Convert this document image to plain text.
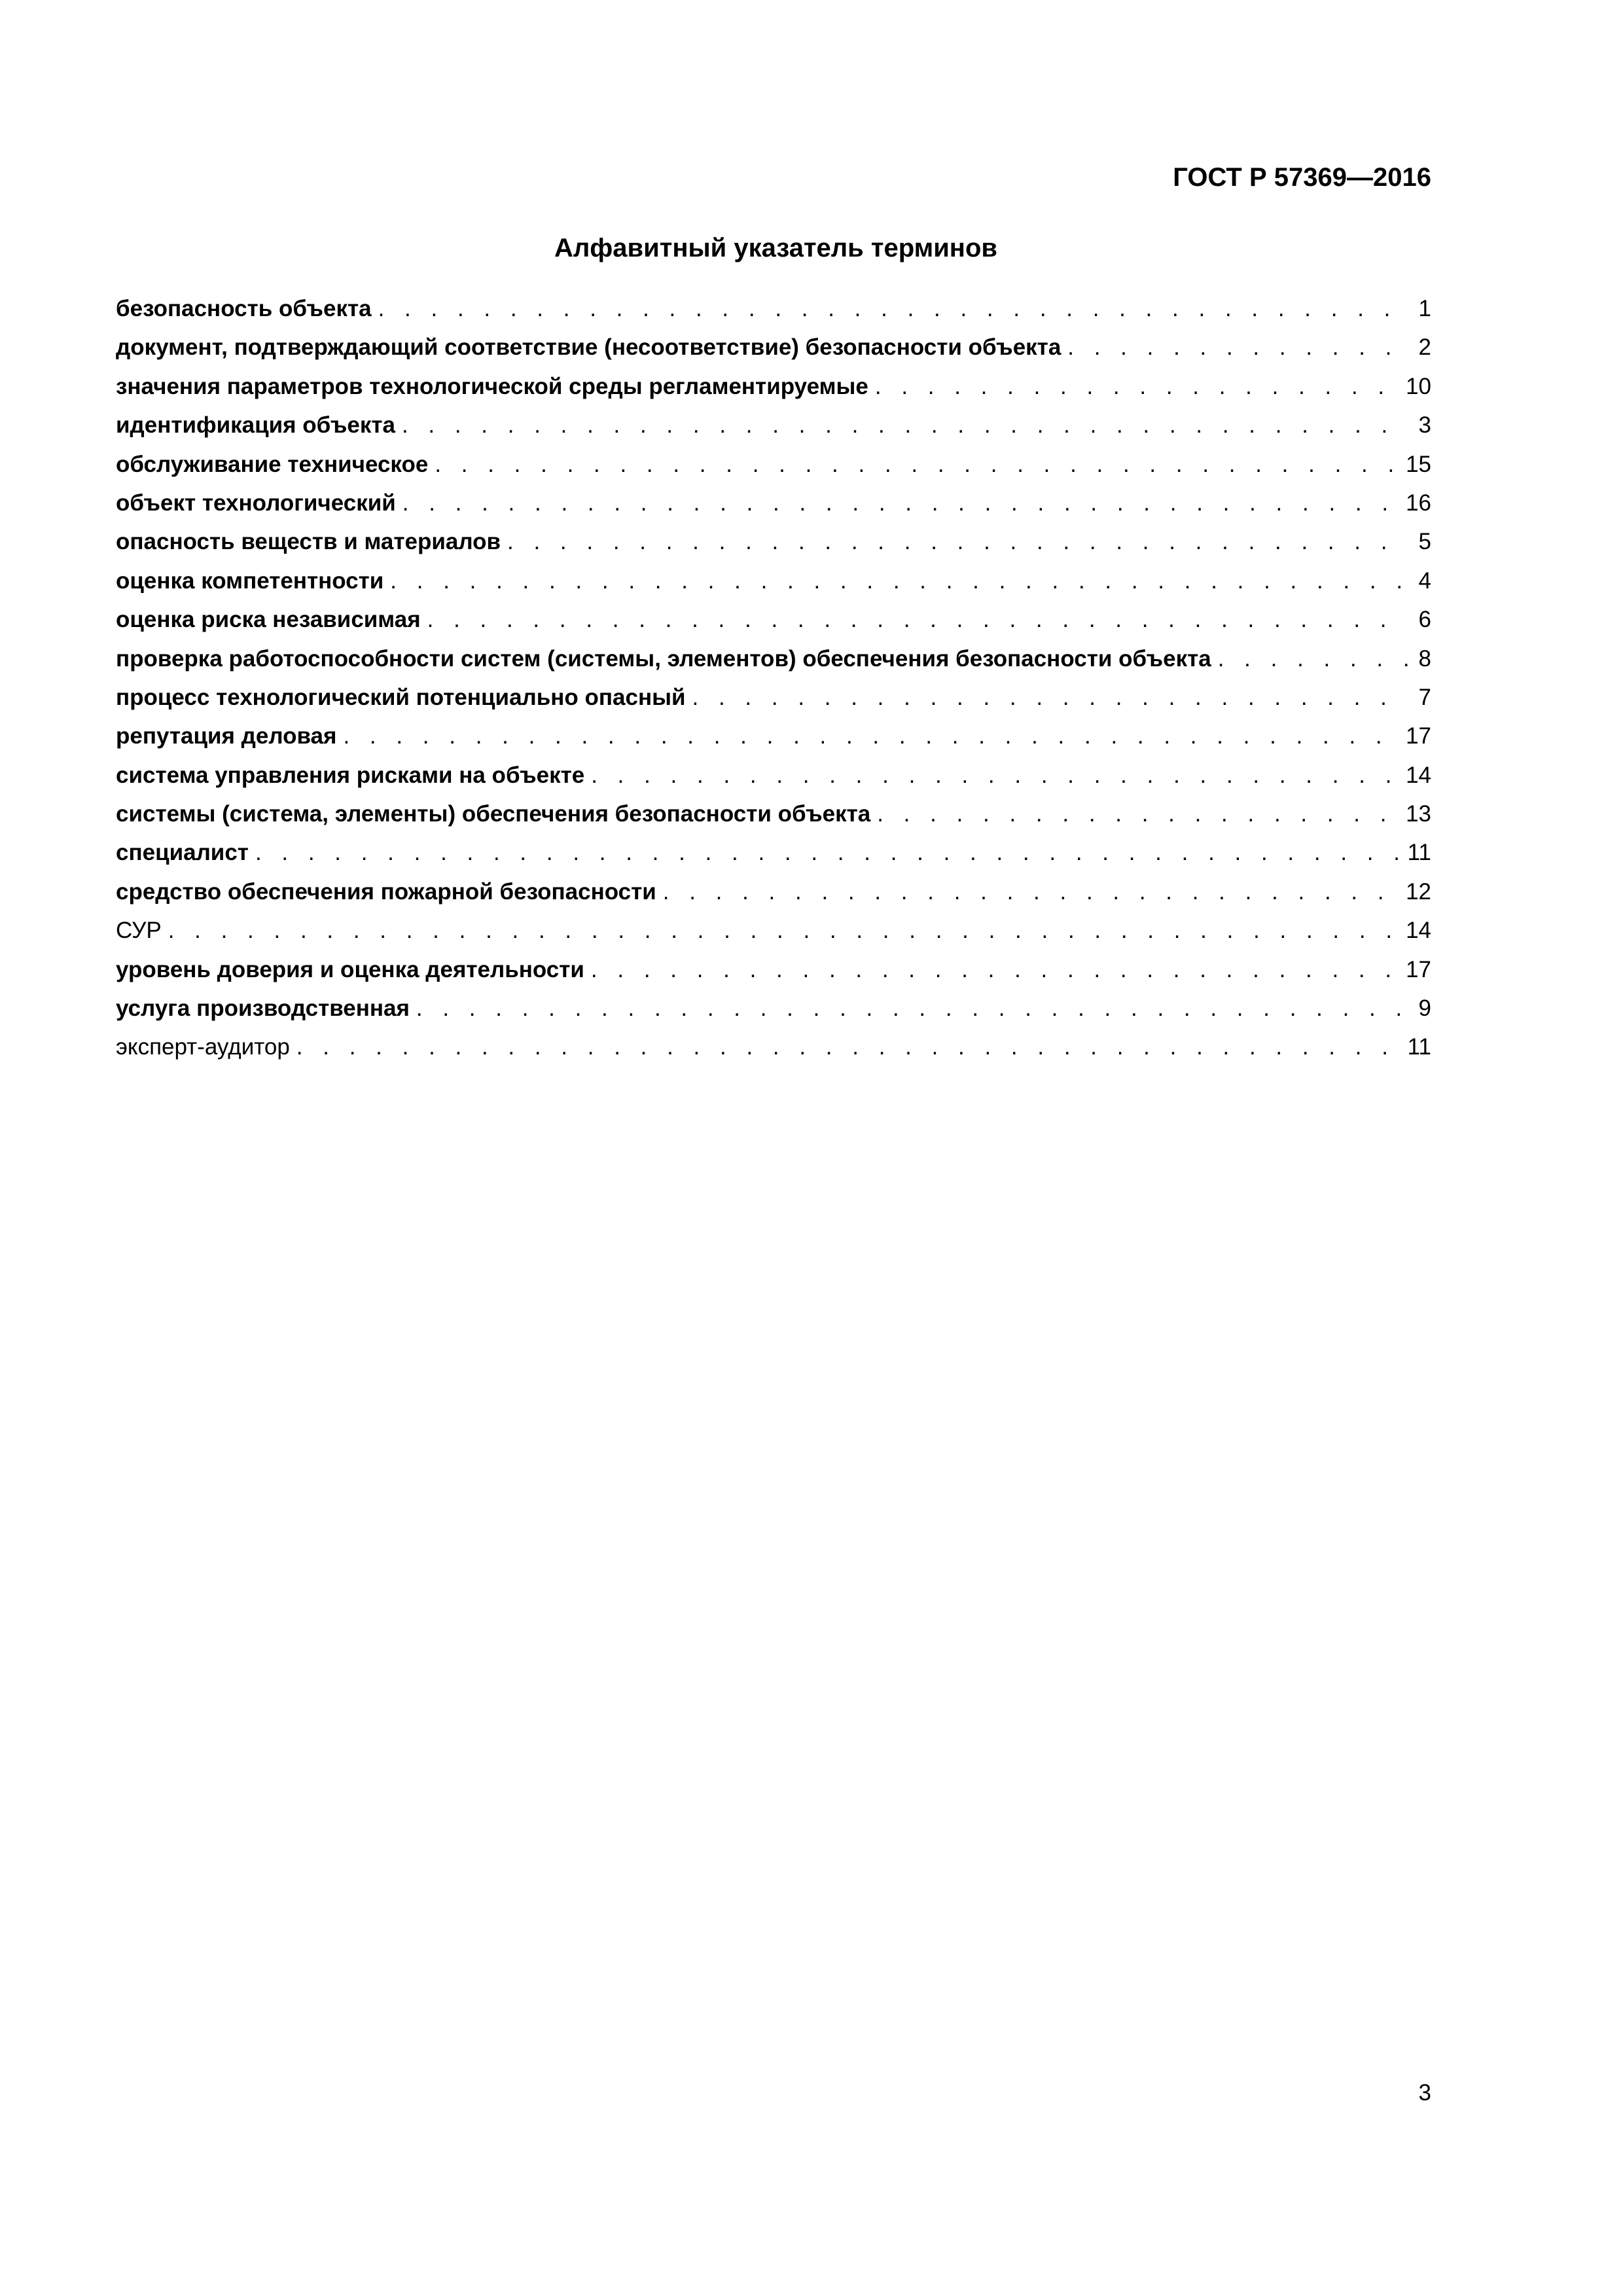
ГОСТ Р 57369—2016
Алфавитный указатель терминов
безопасность объекта . . .	1
документ, подтверждающий соответствие (несоответствие) безопасности объекта . . .	2
значения параметров технологической среды регламентируемые . . .	10
идентификация объекта . . .	3
обслуживание техническое . . .	15
объект технологический . . .	16
опасность веществ и материалов . . .	5
оценка компетентности . . .	4
оценка риска независимая . . .	6
проверка работоспособности систем (системы, элементов) обеспечения безопасности объекта . . .	8
процесс технологический потенциально опасный . . .	7
репутация деловая . . .	17
система управления рисками на объекте . . .	14
системы (система, элементы) обеспечения безопасности объекта . . .	13
специалист . . .	11
средство обеспечения пожарной безопасности . . .	12
СУР . . .	14
уровень доверия и оценка деятельности . . .	17
услуга производственная . . .	9
эксперт-аудитор . . .	11
3
